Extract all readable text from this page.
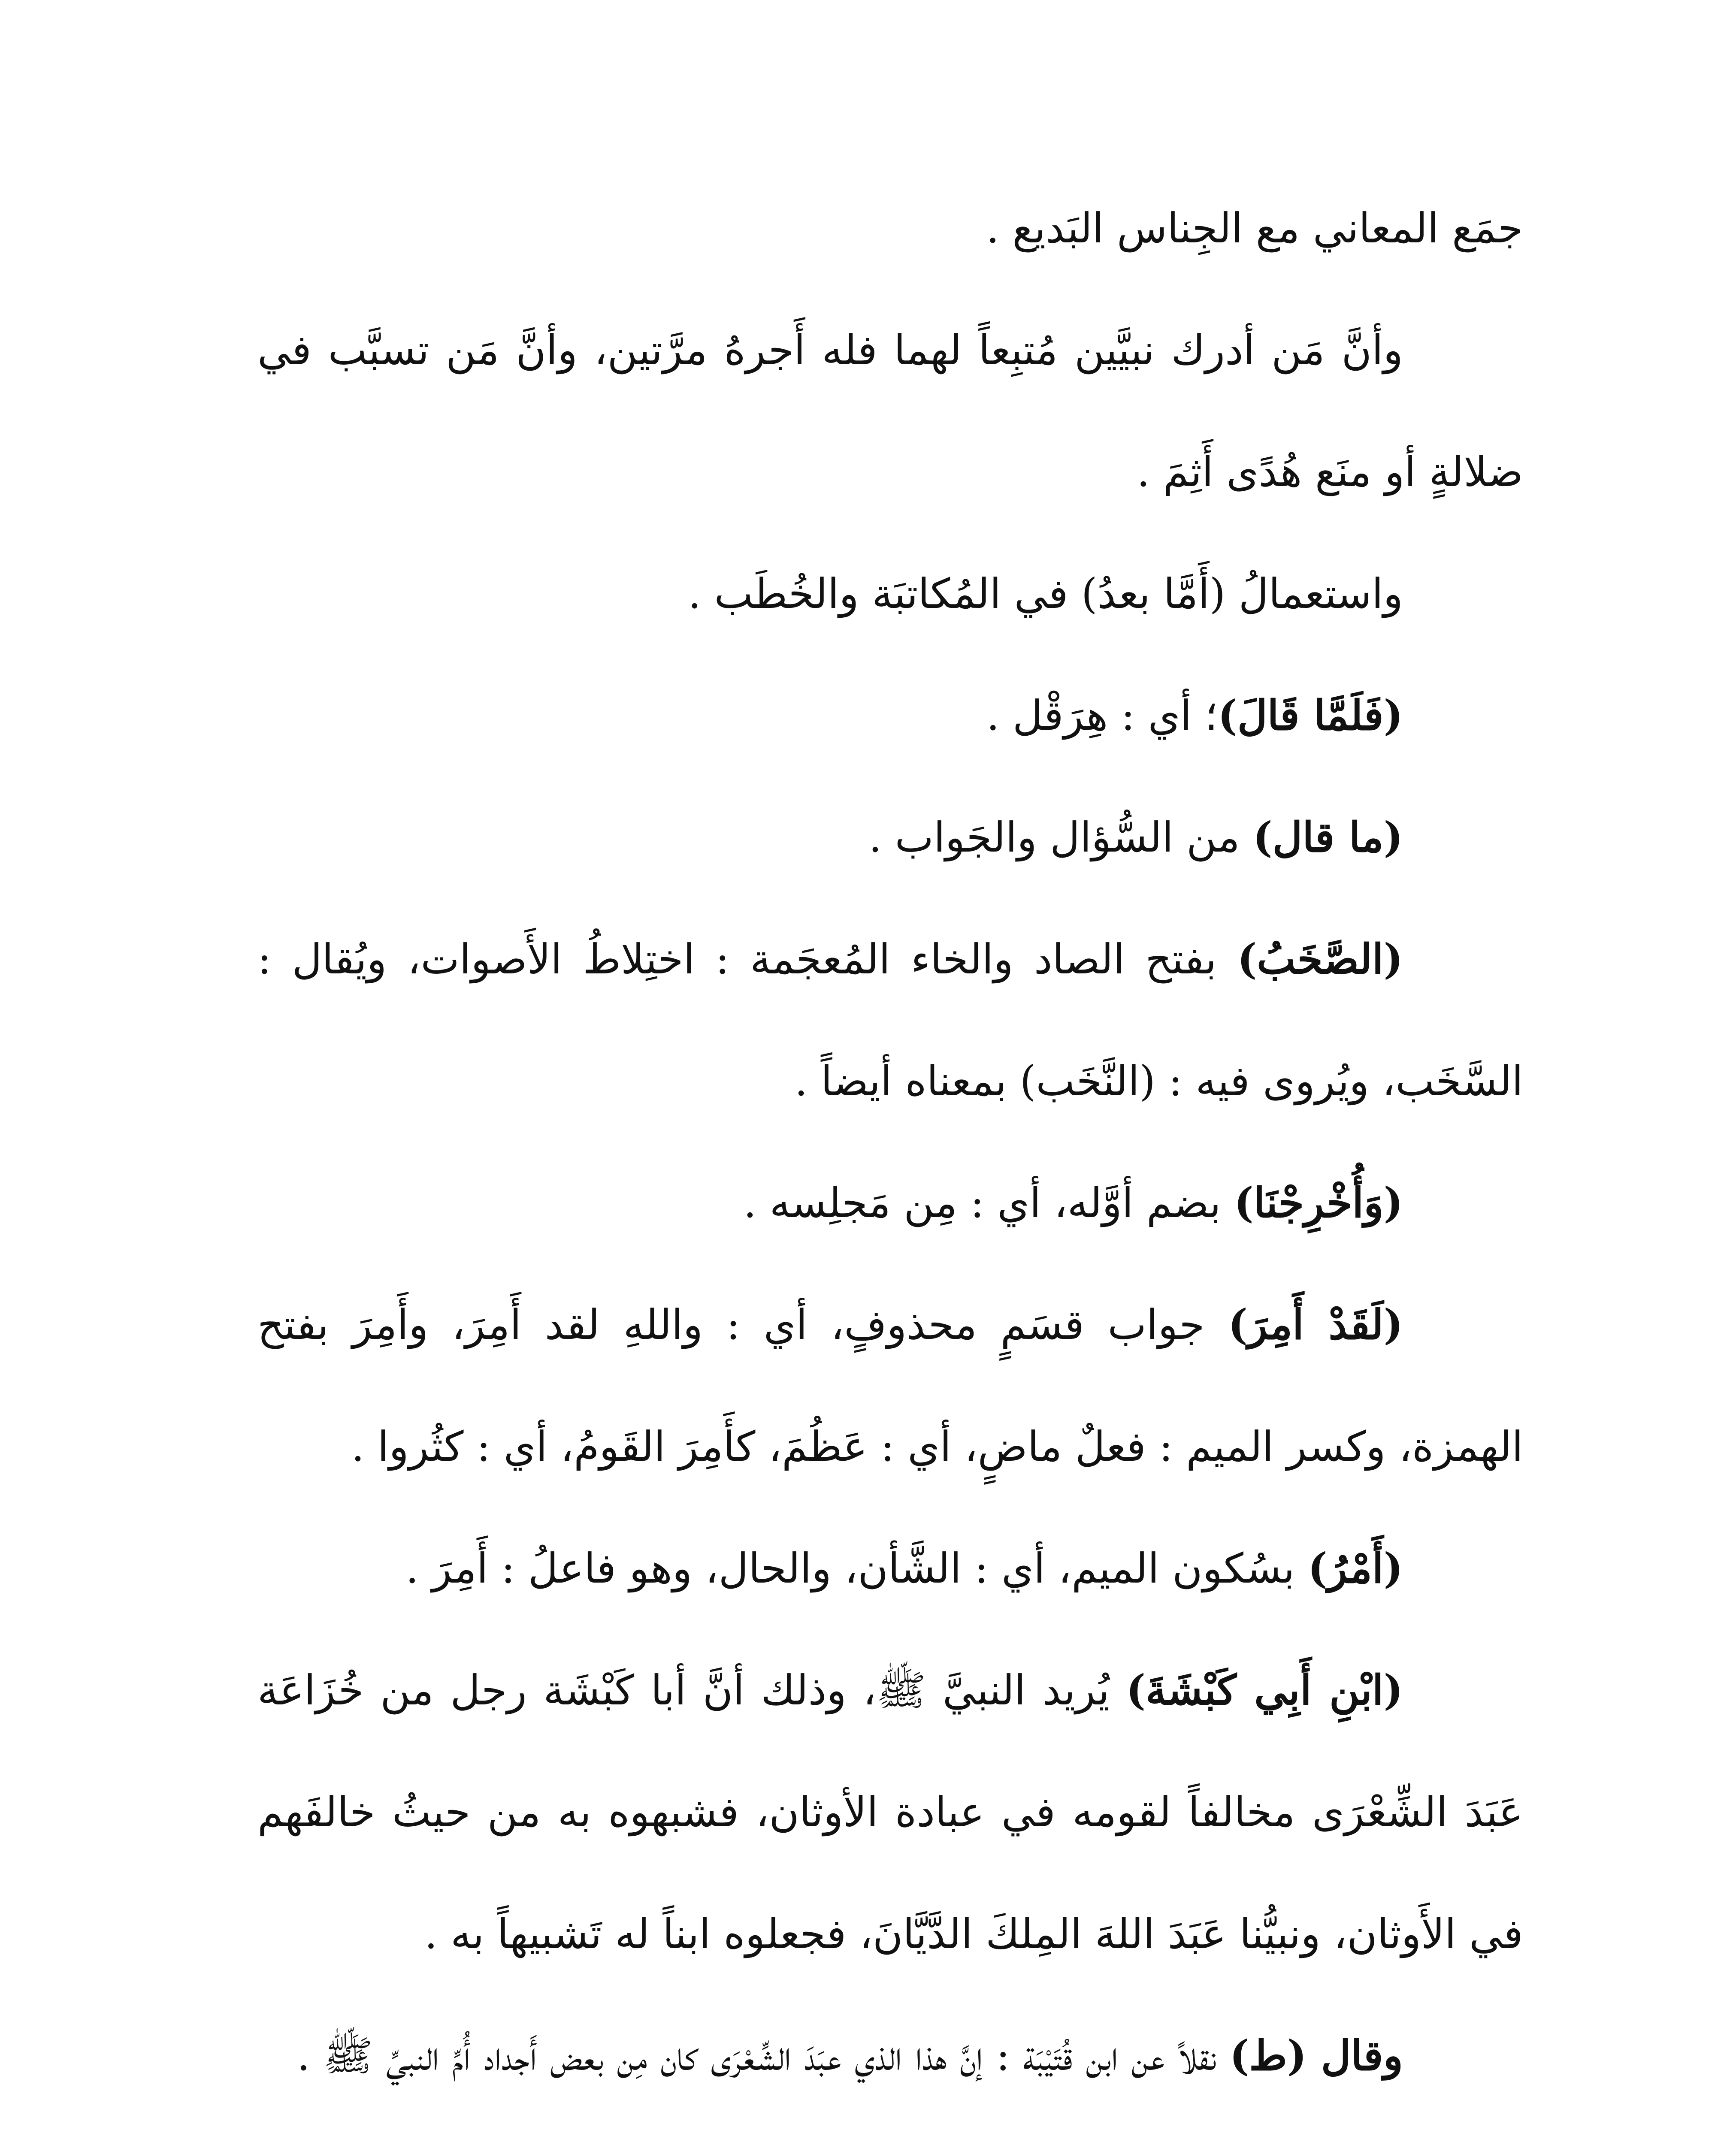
جمَع المعاني مع الجِناس البَديع .

وأنَّ مَن أدرك نبيَّين مُتبِعاً لهما فله أَجرهُ مرَّتين، وأنَّ مَن تسبَّب في ضلالةٍ أو منَع هُدًى أَثِمَ .

واستعمالُ (أَمَّا بعدُ) في المُكاتبَة والخُطَب .

(فَلَمَّا قَالَ)؛ أي : هِرَقْل .

(ما قال) من السُّؤال والجَواب .

(الصَّخَبُ) بفتح الصاد والخاء المُعجَمة : اختِلاطُ الأَصوات، ويُقال : السَّخَب، ويُروى فيه : (النَّخَب) بمعناه أيضاً .

(وَأُخْرِجْنَا) بضم أوَّله، أي : مِن مَجلِسه .

(لَقَدْ أَمِرَ) جواب قسَمٍ محذوفٍ، أي : واللهِ لقد أَمِرَ، وأَمِرَ بفتح الهمزة، وكسر الميم : فعلٌ ماضٍ، أي : عَظُمَ، كأَمِرَ القَومُ، أي : كثُروا .

(أَمْرُ) بسُكون الميم، أي : الشَّأن، والحال، وهو فاعلُ : أَمِرَ .

(ابْنِ أَبِي كَبْشَةَ) يُريد النبيَّ ﷺ، وذلك أنَّ أبا كَبْشَة رجل من خُزَاعَة عَبَدَ الشِّعْرَى مخالفاً لقومه في عبادة الأوثان، فشبهوه به من حيثُ خالفَهم في الأَوثان، ونبيُّنا عَبَدَ اللهَ المِلكَ الدَّيَّانَ، فجعلوه ابناً له تَشبيهاً به .

وقال (ط) نقلاً عن ابن قُتَيْبَة : إنَّ هذا الذي عبَدَ الشِّعْرَى كان مِن بعض أَجداد أُمِّ النبيِّ ﷺ .
